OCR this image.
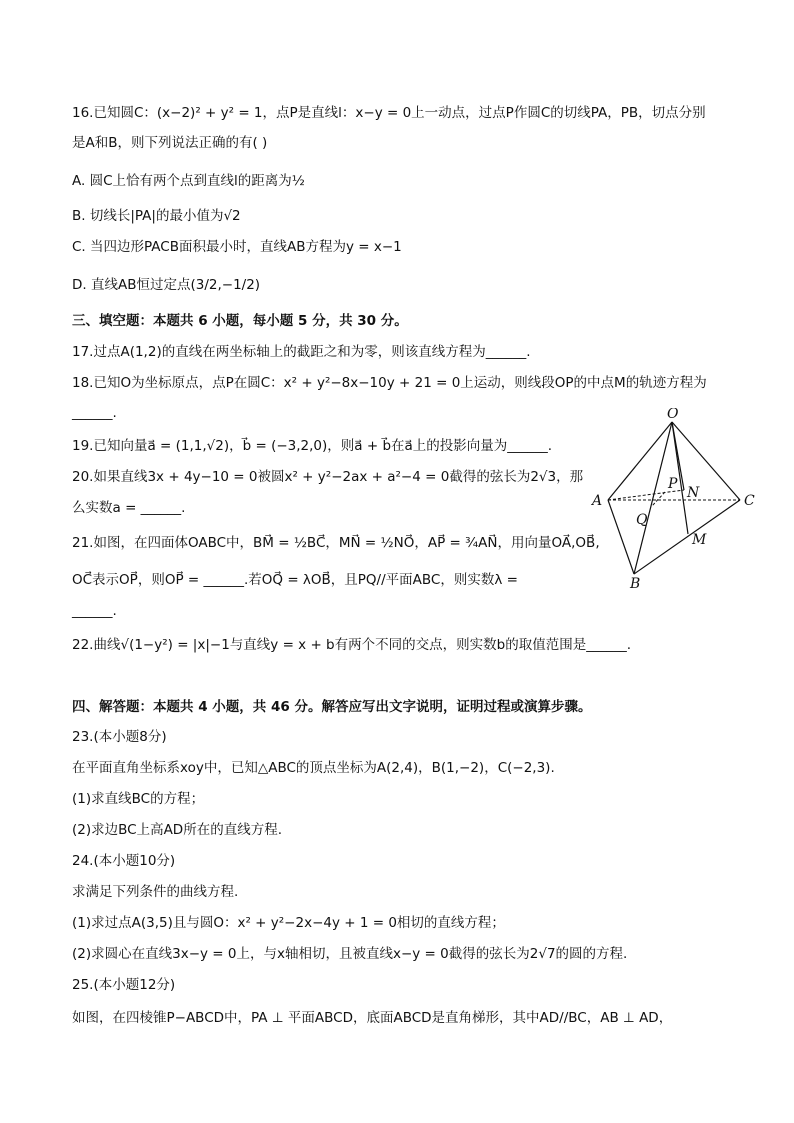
16.已知圆C：(x−2)² + y² = 1，点P是直线l：x−y = 0上一动点，过点P作圆C的切线PA，PB，切点分别
是A和B，则下列说法正确的有( )
A. 圆C上恰有两个点到直线l的距离为½
B. 切线长|PA|的最小值为√2
C. 当四边形PACB面积最小时，直线AB方程为y = x−1
D. 直线AB恒过定点(3/2,−1/2)
三、填空题：本题共 6 小题，每小题 5 分，共 30 分。
17.过点A(1,2)的直线在两坐标轴上的截距之和为零，则该直线方程为______.
18.已知O为坐标原点，点P在圆C：x² + y²−8x−10y + 21 = 0上运动，则线段OP的中点M的轨迹方程为
______.
19.已知向量a⃗ = (1,1,√2)，b⃗ = (−3,2,0)，则a⃗ + b⃗在a⃗上的投影向量为______.
20.如果直线3x + 4y−10 = 0被圆x² + y²−2ax + a²−4 = 0截得的弦长为2√3，那
么实数a = ______.
21.如图，在四面体OABC中，BM⃗ = ½BC⃗，MN⃗ = ½NO⃗，AP⃗ = ¾AN⃗，用向量OA⃗,OB⃗,
OC⃗表示OP⃗，则OP⃗ = ______.若OQ⃗ = λOB⃗，且PQ//平面ABC，则实数λ =
______.
22.曲线√(1−y²) = |x|−1与直线y = x + b有两个不同的交点，则实数b的取值范围是______.
四、解答题：本题共 4 小题，共 46 分。解答应写出文字说明，证明过程或演算步骤。
23.(本小题8分)
在平面直角坐标系xoy中，已知△ABC的顶点坐标为A(2,4)，B(1,−2)，C(−2,3).
(1)求直线BC的方程；
(2)求边BC上高AD所在的直线方程.
24.(本小题10分)
求满足下列条件的曲线方程.
(1)求过点A(3,5)且与圆O：x² + y²−2x−4y + 1 = 0相切的直线方程；
(2)求圆心在直线3x−y = 0上，与x轴相切，且被直线x−y = 0截得的弦长为2√7的圆的方程.
25.(本小题12分)
如图，在四棱锥P−ABCD中，PA ⊥ 平面ABCD，底面ABCD是直角梯形，其中AD//BC，AB ⊥ AD，
O
A	C
B
P
N
Q
M
